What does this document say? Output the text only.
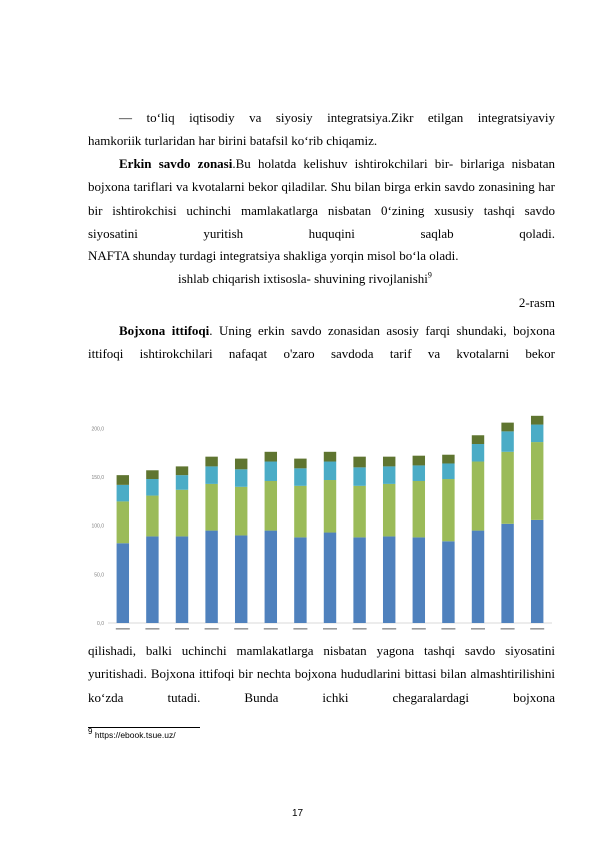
— to‘liq iqtisodiy va siyosiy integratsiya.Zikr etilgan integratsiyaviy

hamkoriik turlaridan har birini batafsil ko‘rib chiqamiz.

Erkin savdo zonasi.Bu holatda kelishuv ishtirokchilari bir- birlariga nisbatan bojxona tariflari va kvotalarni bekor qiladilar. Shu bilan birga erkin savdo zonasining har bir ishtirokchisi uchinchi mamlakatlarga nisbatan 0‘zining xususiy tashqi savdo siyosatini yuritish huquqini saqlab qoladi.

NAFTA shunday turdagi integratsiya shakliga yorqin misol bo‘la oladi.
ishlab chiqarish ixtisosla- shuvining rivojlanishi$^9$
2-rasm

Bojxona ittifoqi. Uning erkin savdo zonasidan asosiy farqi shundaki, bojxona ittifoqi ishtirokchilari nafaqat o'zaro savdoda tarif va kvotalarni bekor

0,0
50,0
100,0
150,0
200,0

qilishadi, balki uchinchi mamlakatlarga nisbatan yagona tashqi savdo siyosatini yuritishadi. Bojxona ittifoqi bir nechta bojxona hududlarini bittasi bilan almashtirilishini ko‘zda tutadi. Bunda ichki chegaralardagi bojxona

$^9$ https://ebook.tsue.uz/
17
